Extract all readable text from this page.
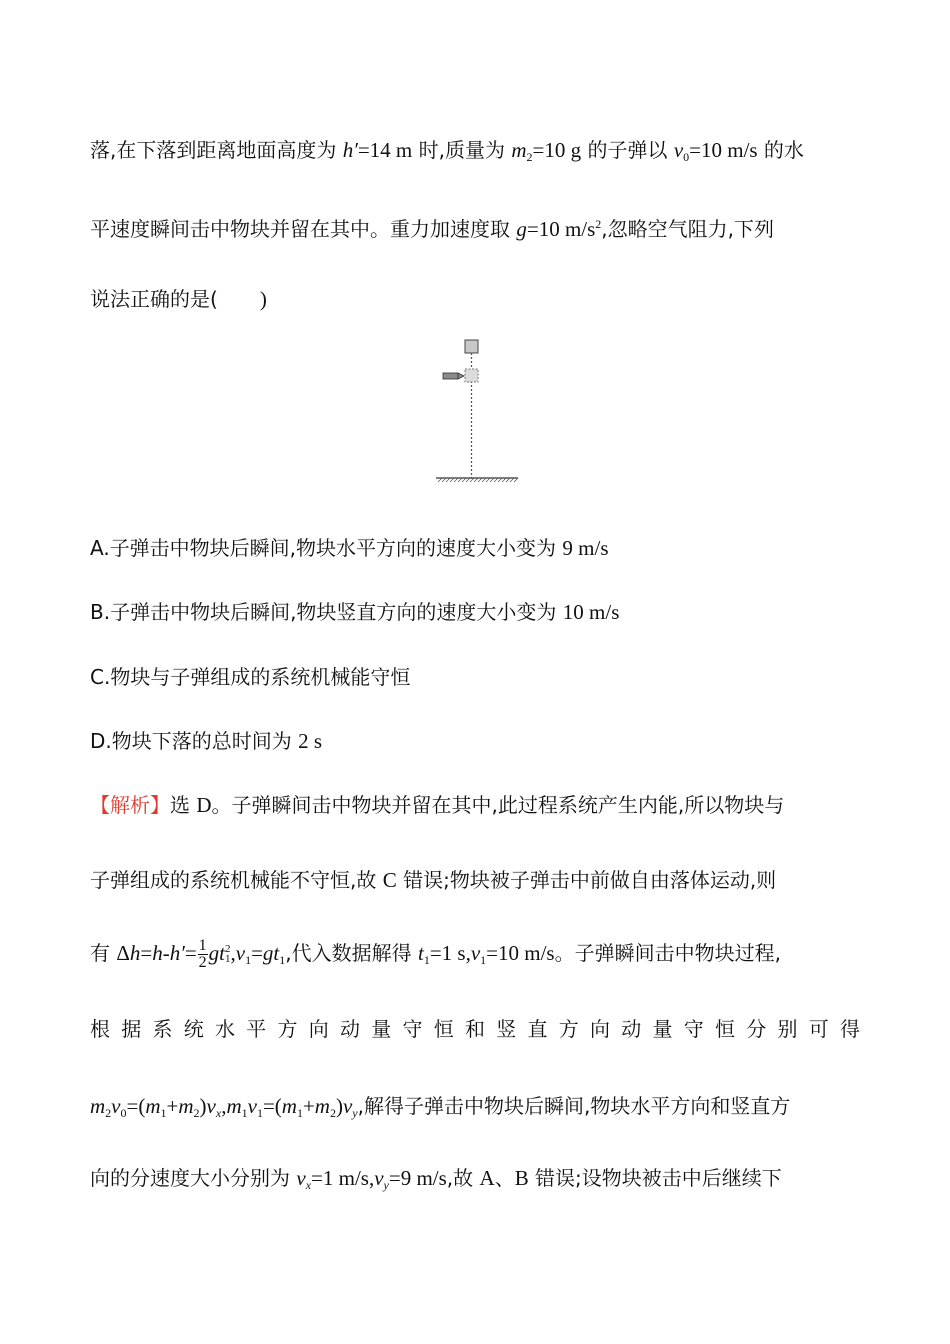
落,在下落到距离地面高度为 h′=14 m 时,质量为 $m_2=10$ g 的子弹以 $v_0=10$ m/s 的水
平速度瞬间击中物块并留在其中。重力加速度取 g=10 $m/s^2$,忽略空气阻力,下列
说法正确的是(        )
A.子弹击中物块后瞬间,物块水平方向的速度大小变为 9 m/s
B.子弹击中物块后瞬间,物块竖直方向的速度大小变为 10 m/s
C.物块与子弹组成的系统机械能守恒
D.物块下落的总时间为 2 s
【解析】选 D。子弹瞬间击中物块并留在其中,此过程系统产生内能,所以物块与
子弹组成的系统机械能不守恒,故 C 错误;物块被子弹击中前做自由落体运动,则
有 $\Delta h=h-h'= \frac{1}{2}$ gt 2
1 $,v_1=gt_1$,代入数据解得 $t_1=1$ $s,v_1=10$ m/s。子弹瞬间击中物块过程,
根 据 系 统 水 平 方 向 动 量 守 恒 和 竖 直 方 向 动 量 守 恒 分 别 可 得
$m_2v_0=(m_1+m_2)v_x,m_1v_1=(m_1+m_2)v_y$,解得子弹击中物块后瞬间,物块水平方向和竖直方
向的分速度大小分别为 $v_x=1$ $m/s,v_y=9$ m/s,故 A、B 错误;设物块被击中后继续下
